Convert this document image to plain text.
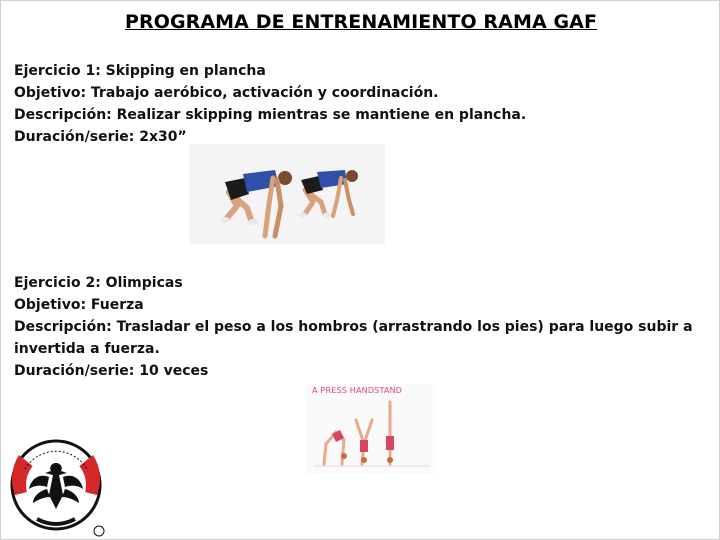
PROGRAMA DE ENTRENAMIENTO RAMA GAF

Ejercicio 1: Skipping en plancha

Objetivo: Trabajo aeróbico, activación y coordinación.

Descripción: Realizar skipping mientras se mantiene en plancha.

Duración/serie: 2x30”

Ejercicio 2: Olimpicas

Objetivo: Fuerza

Descripción: Trasladar el peso a los hombros (arrastrando los pies) para luego subir a invertida a fuerza.

Duración/serie: 10 veces

A PRESS HANDSTAND
